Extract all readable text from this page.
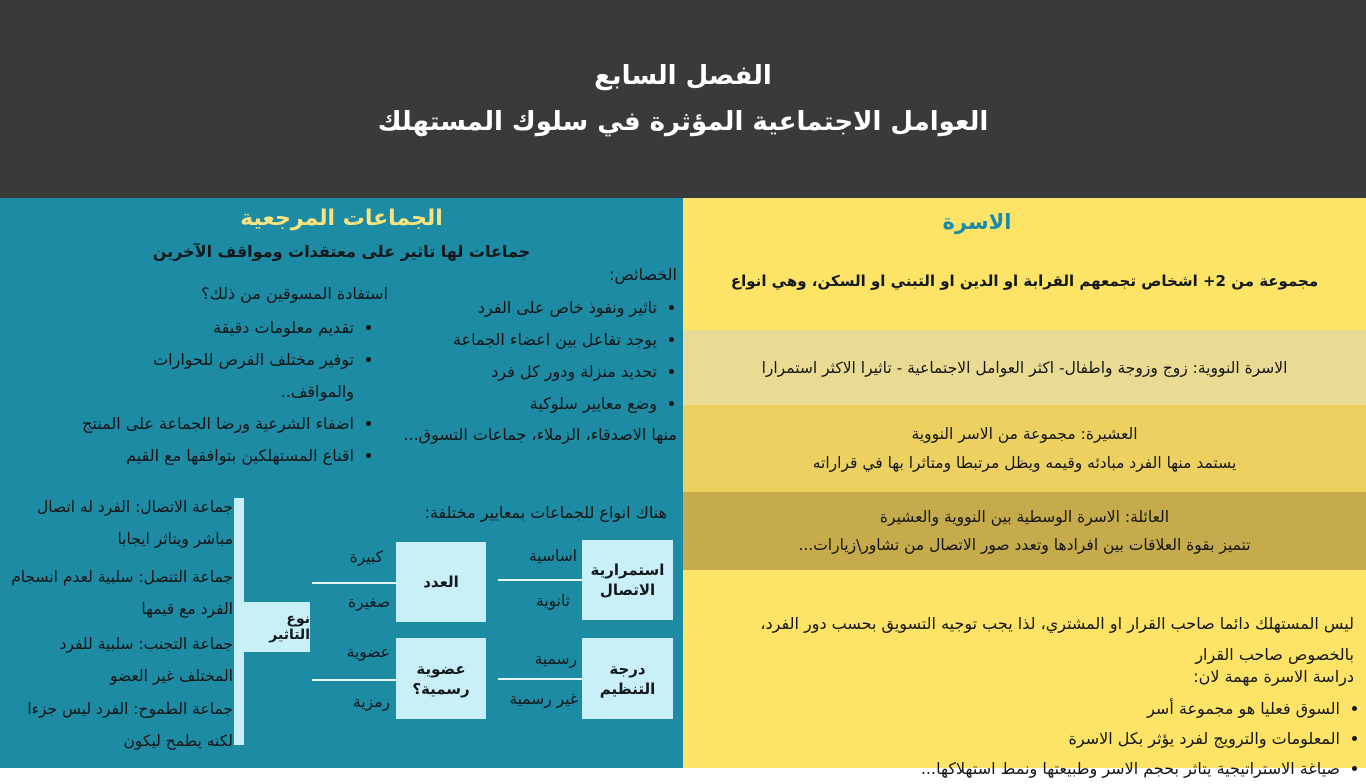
الفصل السابع
العوامل الاجتماعية المؤثرة في سلوك المستهلك
الجماعات المرجعية
جماعات لها تاثير على معتقدات ومواقف الآخرين
الخصائص:
• تاثير ونفوذ خاص على الفرد
• يوجد تفاعل بين اعضاء الجماعة
• تحديد منزلة ودور كل فرد
• وضع معايير سلوكية
منها الاصدقاء، الزملاء، جماعات التسوق...
استفادة المسوقين من ذلك؟
• تقديم معلومات دقيقة
• توفير مختلف الفرص للحوارات والمواقف..
• اضفاء الشرعية ورضا الجماعة على المنتج
• اقناع المستهلكين بتوافقها مع القيم
جماعة الاتصال: الفرد له اتصال مباشر ويتاثر ايجابا
جماعة التنصل: سلبية لعدم انسجام الفرد مع قيمها
جماعة التجنب: سلبية للفرد المختلف غير العضو
جماعة الطموح: الفرد ليس جزءا لكنه يطمح ليكون
نوع التاثير
هناك انواع للجماعات بمعايير مختلفة:
العدد
استمرارية الاتصال
عضوية رسمية؟
درجة التنظيم
كبيرة
صغيرة
اساسية
ثانوية
عضوية
رمزية
رسمية
غير رسمية
الاسرة
مجموعة من 2+ اشخاص تجمعهم القرابة او الدين او التبني او السكن، وهي انواع
الاسرة النووية: زوج وزوجة واطفال- اكثر العوامل الاجتماعية - تاثيرا الاكثر استمرارا
العشيرة: مجموعة من الاسر النووية
يستمد منها الفرد مبادئه وقيمه ويظل مرتبطا ومتاثرا بها في قراراته
العائلة: الاسرة الوسطية بين النووية والعشيرة
تتميز بقوة العلاقات بين افرادها وتعدد صور الاتصال من تشاور\زيارات...
ليس المستهلك دائما صاحب القرار او المشتري، لذا يجب توجيه التسويق بحسب دور الفرد، بالخصوص صاحب القرار
دراسة الاسرة مهمة لان:
• السوق فعليا هو مجموعة أسر
• المعلومات والترويج لفرد يؤثر بكل الاسرة
• صياغة الاستراتيجية يتاثر بحجم الاسر وطبيعتها ونمط استهلاكها...
